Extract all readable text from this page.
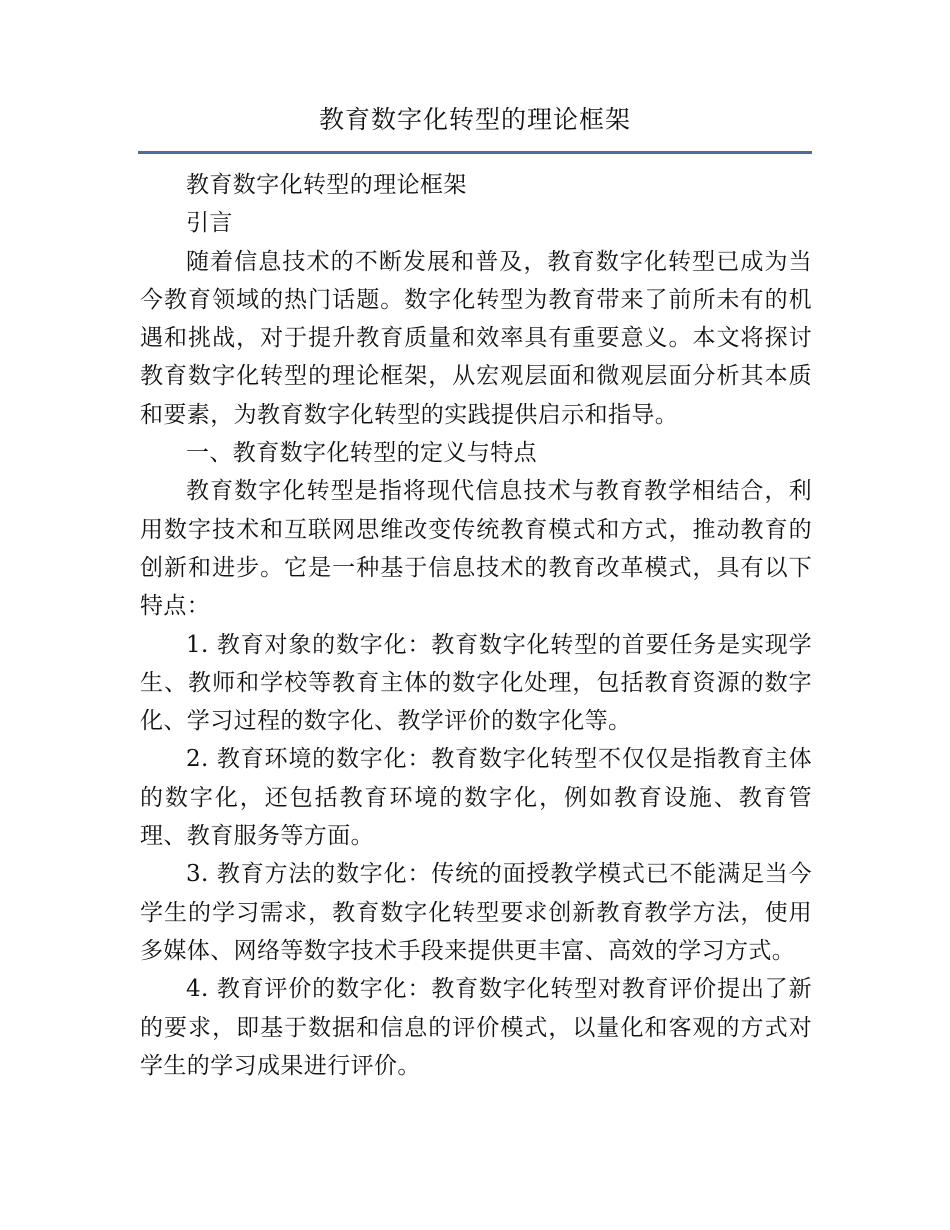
教育数字化转型的理论框架

教育数字化转型的理论框架

引言

随着信息技术的不断发展和普及，教育数字化转型已成为当今教育领域的热门话题。数字化转型为教育带来了前所未有的机遇和挑战，对于提升教育质量和效率具有重要意义。本文将探讨教育数字化转型的理论框架，从宏观层面和微观层面分析其本质和要素，为教育数字化转型的实践提供启示和指导。

一、教育数字化转型的定义与特点

教育数字化转型是指将现代信息技术与教育教学相结合，利用数字技术和互联网思维改变传统教育模式和方式，推动教育的创新和进步。它是一种基于信息技术的教育改革模式，具有以下特点：

1. 教育对象的数字化：教育数字化转型的首要任务是实现学生、教师和学校等教育主体的数字化处理，包括教育资源的数字化、学习过程的数字化、教学评价的数字化等。

2. 教育环境的数字化：教育数字化转型不仅仅是指教育主体的数字化，还包括教育环境的数字化，例如教育设施、教育管理、教育服务等方面。

3. 教育方法的数字化：传统的面授教学模式已不能满足当今学生的学习需求，教育数字化转型要求创新教育教学方法，使用多媒体、网络等数字技术手段来提供更丰富、高效的学习方式。

4. 教育评价的数字化：教育数字化转型对教育评价提出了新的要求，即基于数据和信息的评价模式，以量化和客观的方式对学生的学习成果进行评价。
